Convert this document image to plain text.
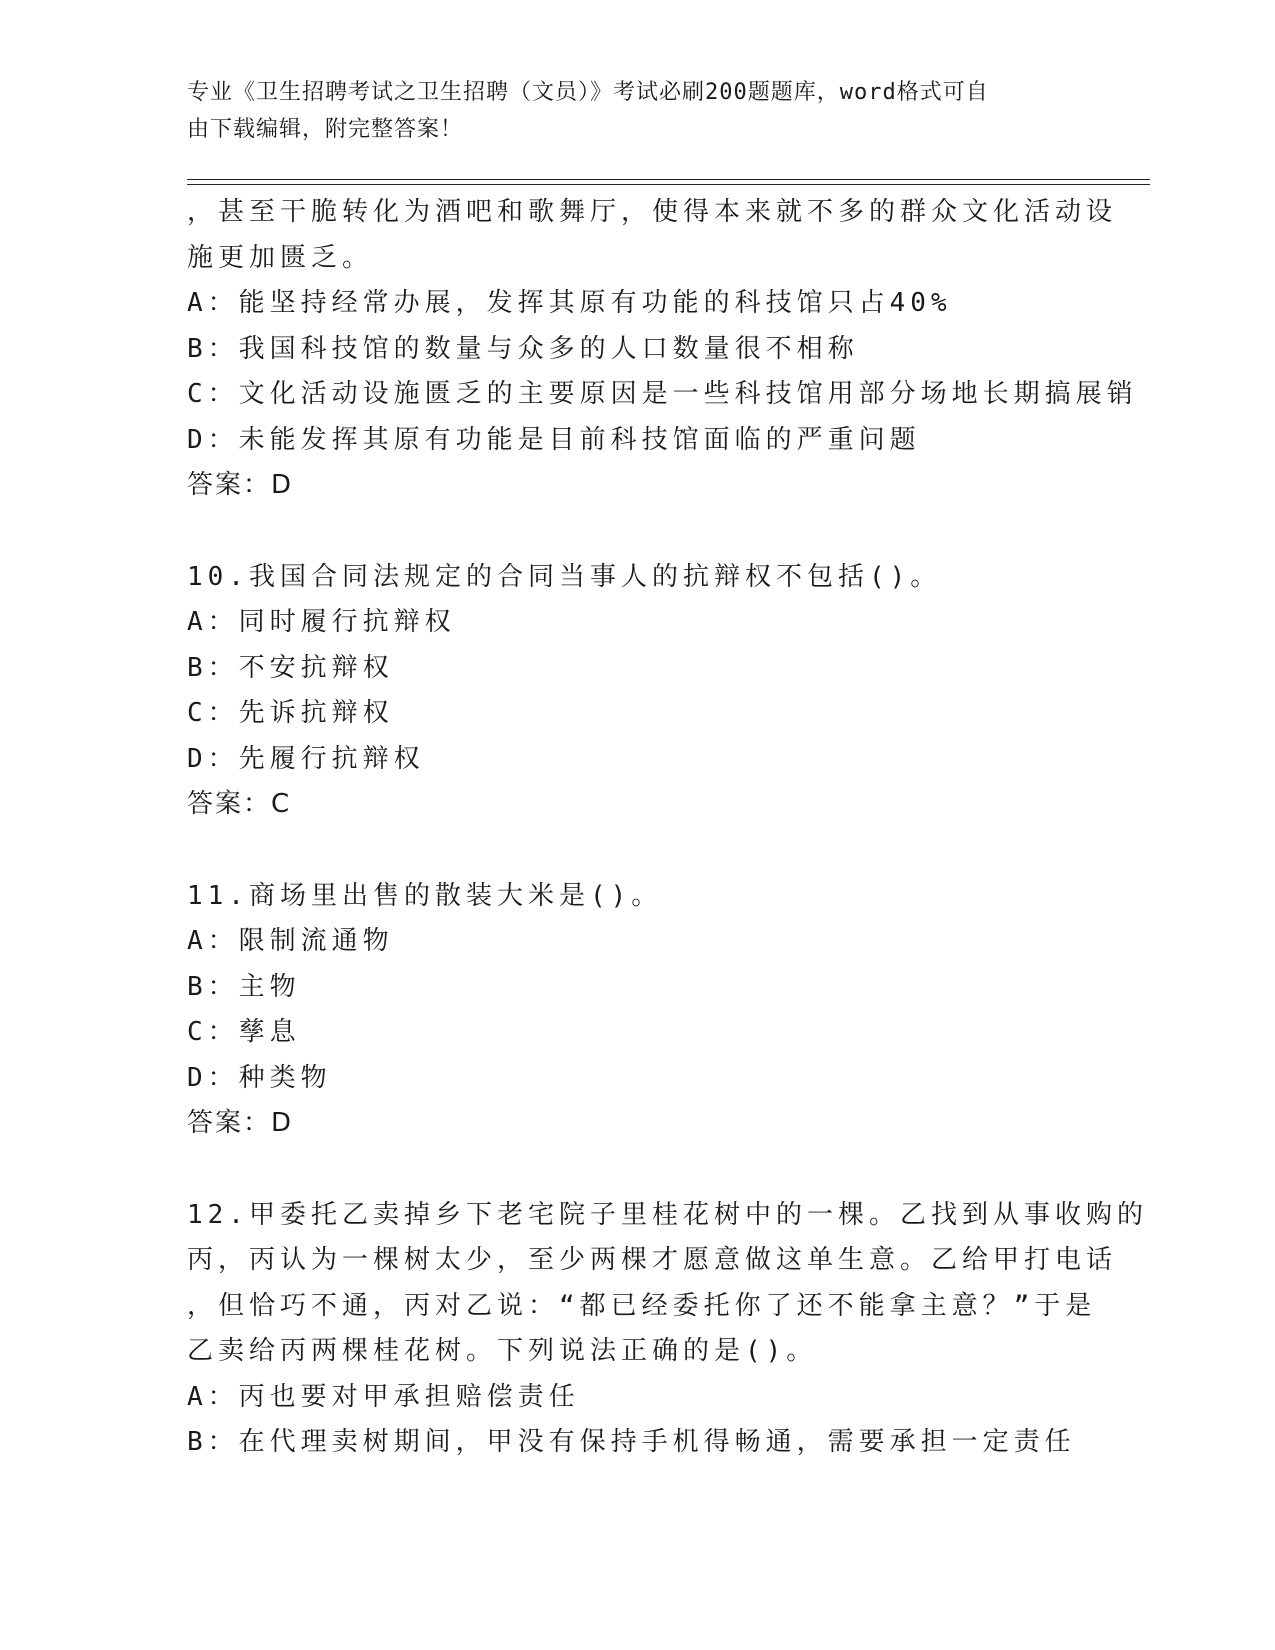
专业《卫生招聘考试之卫生招聘（文员）》考试必刷200题题库，word格式可自
由下载编辑，附完整答案！
，甚至干脆转化为酒吧和歌舞厅，使得本来就不多的群众文化活动设
施更加匮乏。
A：能坚持经常办展，发挥其原有功能的科技馆只占40%
B：我国科技馆的数量与众多的人口数量很不相称
C：文化活动设施匮乏的主要原因是一些科技馆用部分场地长期搞展销
D：未能发挥其原有功能是目前科技馆面临的严重问题
答案：D
10.我国合同法规定的合同当事人的抗辩权不包括()。
A：同时履行抗辩权
B：不安抗辩权
C：先诉抗辩权
D：先履行抗辩权
答案：C
11.商场里出售的散装大米是()。
A：限制流通物
B：主物
C：孳息
D：种类物
答案：D
12.甲委托乙卖掉乡下老宅院子里桂花树中的一棵。乙找到从事收购的
丙，丙认为一棵树太少，至少两棵才愿意做这单生意。乙给甲打电话
，但恰巧不通，丙对乙说：“都已经委托你了还不能拿主意？”于是
乙卖给丙两棵桂花树。下列说法正确的是()。
A：丙也要对甲承担赔偿责任
B：在代理卖树期间，甲没有保持手机得畅通，需要承担一定责任
